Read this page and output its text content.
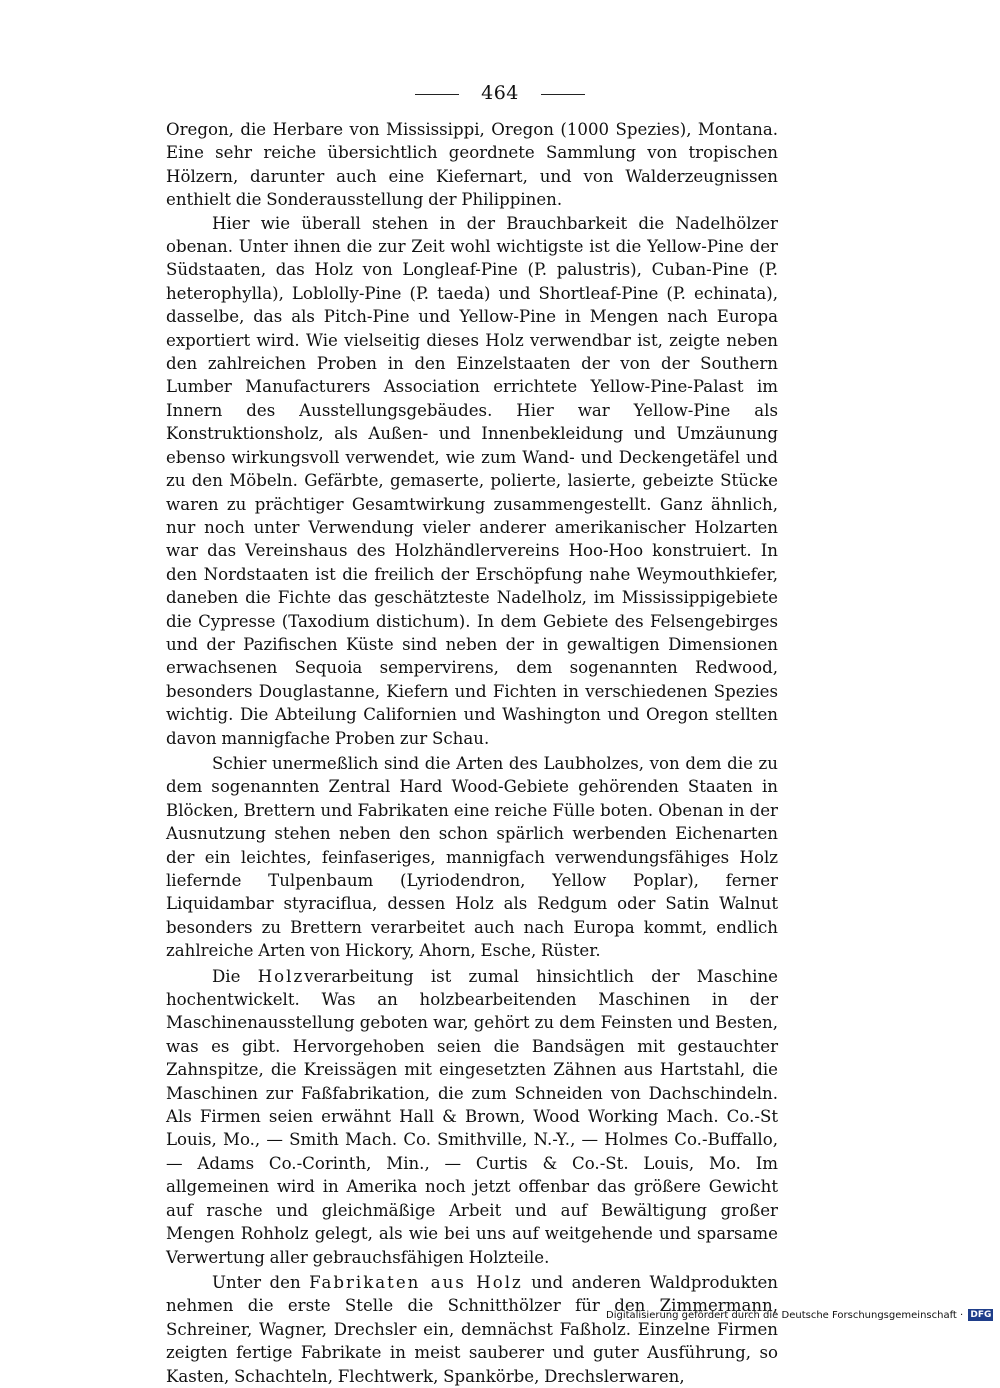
464

Oregon, die Herbare von Mississippi, Oregon (1000 Spezies), Montana. Eine sehr reiche übersichtlich geordnete Sammlung von tropischen Hölzern, darunter auch eine Kiefernart, und von Walderzeugnissen enthielt die Sonderausstellung der Philippinen.

Hier wie überall stehen in der Brauchbarkeit die Nadelhölzer obenan. Unter ihnen die zur Zeit wohl wichtigste ist die Yellow-Pine der Südstaaten, das Holz von Longleaf-Pine (P. palustris), Cuban-Pine (P. heterophylla), Loblolly-Pine (P. taeda) und Shortleaf-Pine (P. echinata), dasselbe, das als Pitch-Pine und Yellow-Pine in Mengen nach Europa exportiert wird. Wie vielseitig dieses Holz verwendbar ist, zeigte neben den zahlreichen Proben in den Einzelstaaten der von der Southern Lumber Manufacturers Association errichtete Yellow-Pine-Palast im Innern des Ausstellungsgebäudes. Hier war Yellow-Pine als Konstruktionsholz, als Außen- und Innenbekleidung und Umzäunung ebenso wirkungsvoll verwendet, wie zum Wand- und Deckengetäfel und zu den Möbeln. Gefärbte, gemaserte, polierte, lasierte, gebeizte Stücke waren zu prächtiger Gesamtwirkung zusammengestellt. Ganz ähnlich, nur noch unter Verwendung vieler anderer amerikanischer Holzarten war das Vereinshaus des Holzhändlervereins Hoo-Hoo konstruiert. In den Nordstaaten ist die freilich der Erschöpfung nahe Weymouthkiefer, daneben die Fichte das geschätzteste Nadelholz, im Mississippigebiete die Cypresse (Taxodium distichum). In dem Gebiete des Felsengebirges und der Pazifischen Küste sind neben der in gewaltigen Dimensionen erwachsenen Sequoia sempervirens, dem sogenannten Redwood, besonders Douglastanne, Kiefern und Fichten in verschiedenen Spezies wichtig. Die Abteilung Californien und Washington und Oregon stellten davon mannigfache Proben zur Schau.

Schier unermeßlich sind die Arten des Laubholzes, von dem die zu dem sogenannten Zentral Hard Wood-Gebiete gehörenden Staaten in Blöcken, Brettern und Fabrikaten eine reiche Fülle boten. Obenan in der Ausnutzung stehen neben den schon spärlich werbenden Eichenarten der ein leichtes, feinfaseriges, mannigfach verwendungsfähiges Holz liefernde Tulpenbaum (Lyriodendron, Yellow Poplar), ferner Liquidambar styraciflua, dessen Holz als Redgum oder Satin Walnut besonders zu Brettern verarbeitet auch nach Europa kommt, endlich zahlreiche Arten von Hickory, Ahorn, Esche, Rüster.

Die Holzverarbeitung ist zumal hinsichtlich der Maschine hochentwickelt. Was an holzbearbeitenden Maschinen in der Maschinenausstellung geboten war, gehört zu dem Feinsten und Besten, was es gibt. Hervorgehoben seien die Bandsägen mit gestauchter Zahnspitze, die Kreissägen mit eingesetzten Zähnen aus Hartstahl, die Maschinen zur Faßfabrikation, die zum Schneiden von Dachschindeln. Als Firmen seien erwähnt Hall & Brown, Wood Working Mach. Co.-St Louis, Mo., — Smith Mach. Co. Smithville, N.-Y., — Holmes Co.-Buffallo, — Adams Co.-Corinth, Min., — Curtis & Co.-St. Louis, Mo. Im allgemeinen wird in Amerika noch jetzt offenbar das größere Gewicht auf rasche und gleichmäßige Arbeit und auf Bewältigung großer Mengen Rohholz gelegt, als wie bei uns auf weitgehende und sparsame Verwertung aller gebrauchsfähigen Holzteile.

Unter den Fabrikaten aus Holz und anderen Waldprodukten nehmen die erste Stelle die Schnitthölzer für den Zimmermann, Schreiner, Wagner, Drechsler ein, demnächst Faßholz. Einzelne Firmen zeigten fertige Fabrikate in meist sauberer und guter Ausführung, so Kasten, Schachteln, Flechtwerk, Spankörbe, Drechslerwaren,

Digitalisierung gefördert durch die Deutsche Forschungsgemeinschaft · DFG
